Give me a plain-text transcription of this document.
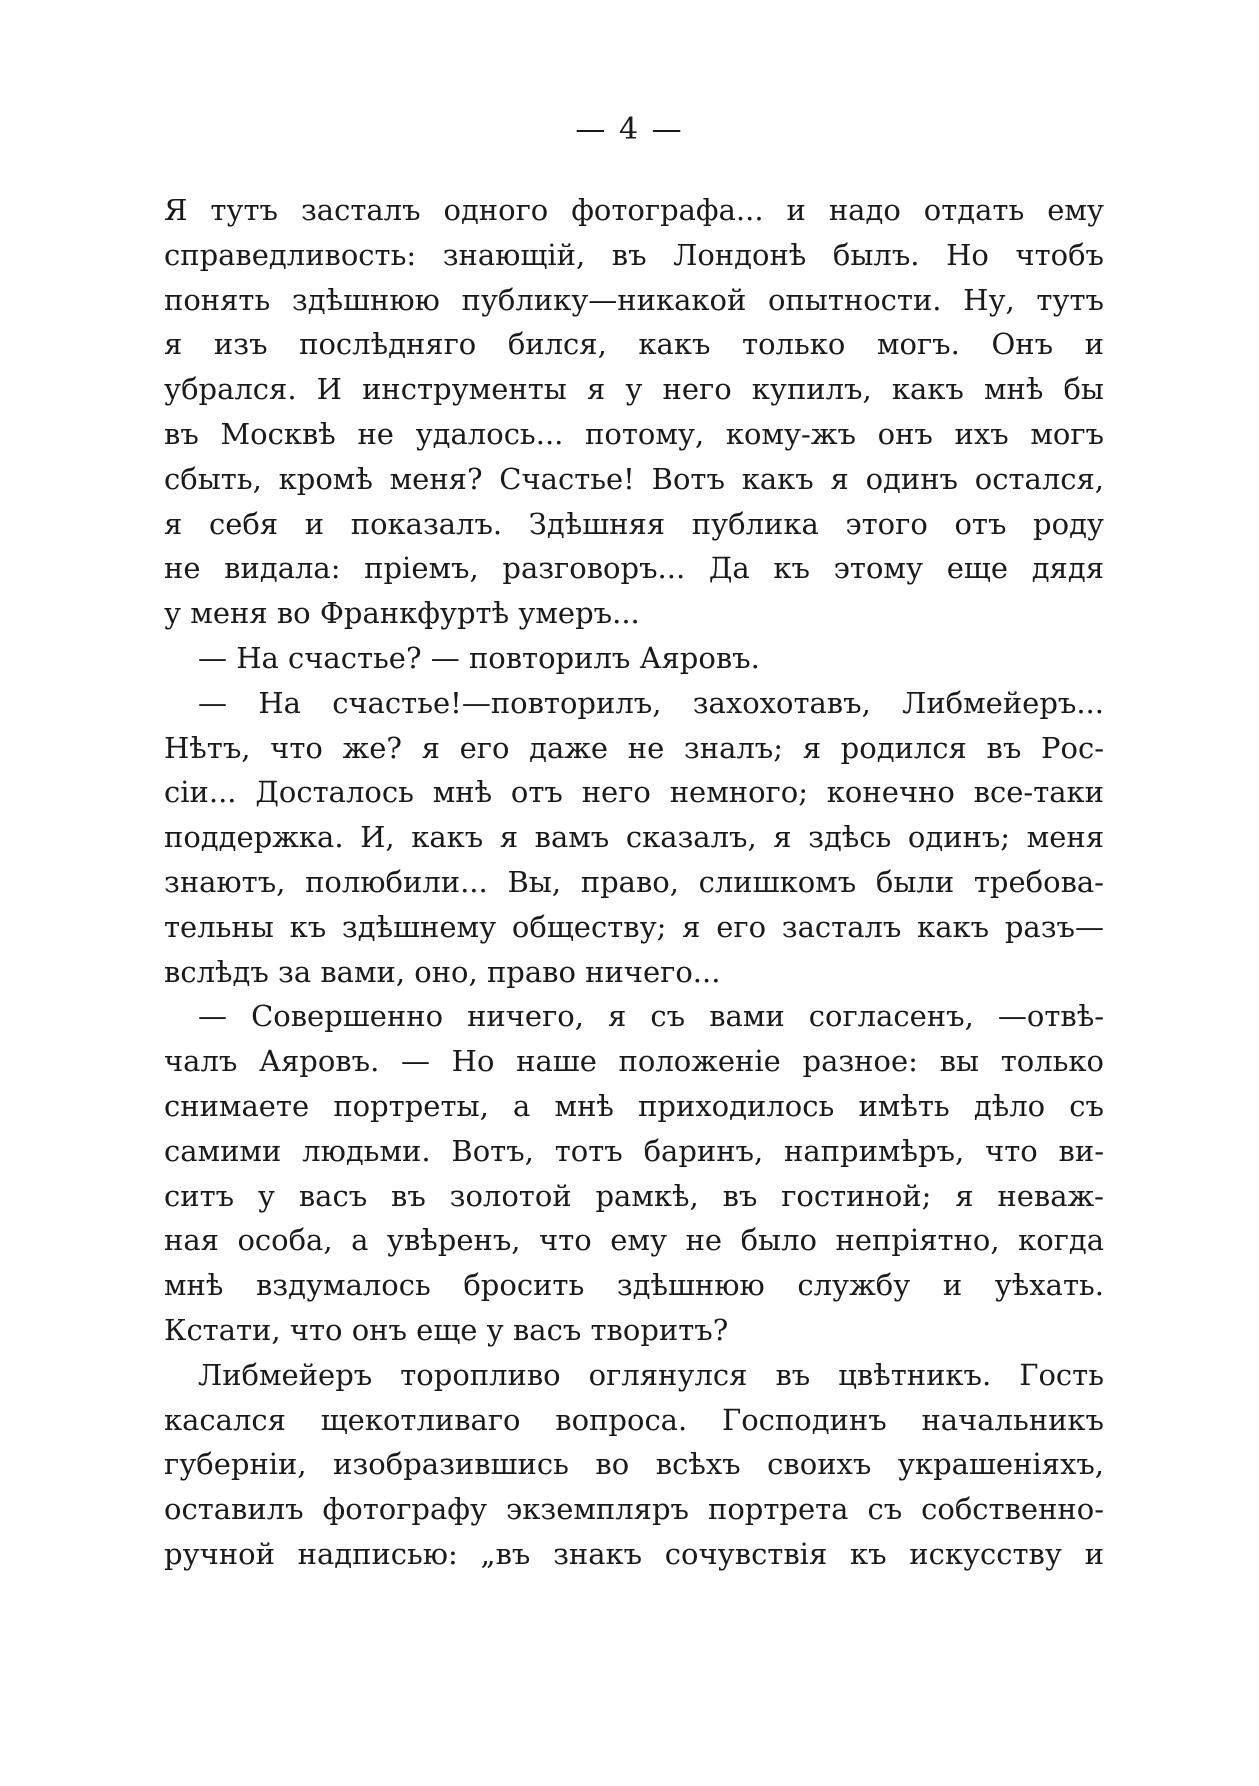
— 4 —
Я тутъ засталъ одного фотографа... и надо отдать ему
справедливость: знающій, въ Лондонѣ былъ. Но чтобъ
понять здѣшнюю публику—никакой опытности. Ну, тутъ
я изъ послѣдняго бился, какъ только могъ. Онъ и
убрался. И инструменты я у него купилъ, какъ мнѣ бы
въ Москвѣ не удалось... потому, кому-жъ онъ ихъ могъ
сбыть, кромѣ меня? Счастье! Вотъ какъ я одинъ остался,
я себя и показалъ. Здѣшняя публика этого отъ роду
не видала: пріемъ, разговоръ... Да къ этому еще дядя
у меня во Франкфуртѣ умеръ...
— На счастье? — повторилъ Аяровъ.
— На счастье!—повторилъ, захохотавъ, Либмейеръ...
Нѣтъ, что же? я его даже не зналъ; я родился въ Рос-
сіи... Досталось мнѣ отъ него немного; конечно все-таки
поддержка. И, какъ я вамъ сказалъ, я здѣсь одинъ; меня
знаютъ, полюбили... Вы, право, слишкомъ были требова-
тельны къ здѣшнему обществу; я его засталъ какъ разъ—
вслѣдъ за вами, оно, право ничего...
— Совершенно ничего, я съ вами согласенъ, —отвѣ-
чалъ Аяровъ. — Но наше положеніе разное: вы только
снимаете портреты, а мнѣ приходилось имѣть дѣло съ
самими людьми. Вотъ, тотъ баринъ, напримѣръ, что ви-
ситъ у васъ въ золотой рамкѣ, въ гостиной; я неваж-
ная особа, а увѣренъ, что ему не было непріятно, когда
мнѣ вздумалось бросить здѣшнюю службу и уѣхать.
Кстати, что онъ еще у васъ творитъ?
Либмейеръ торопливо оглянулся въ цвѣтникъ. Гость
касался щекотливаго вопроса. Господинъ начальникъ
губерніи, изобразившись во всѣхъ своихъ украшеніяхъ,
оставилъ фотографу экземпляръ портрета съ собственно-
ручной надписью: „въ знакъ сочувствія къ искусству и
